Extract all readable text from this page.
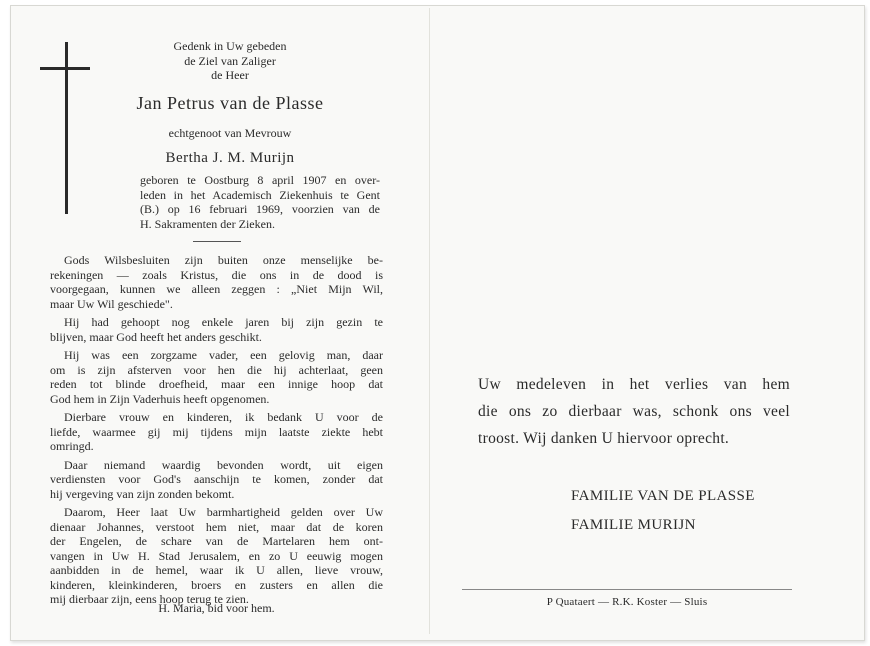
Gedenk in Uw gebeden
de Ziel van Zaliger
de Heer
Jan Petrus van de Plasse
echtgenoot van Mevrouw
Bertha J. M. Murijn
geboren te Oostburg 8 april 1907 en over-
leden in het Academisch Ziekenhuis te Gent
(B.) op 16 februari 1969, voorzien van de
H. Sakramenten der Zieken.
Gods Wilsbesluiten zijn buiten onze menselijke be-
rekeningen — zoals Kristus, die ons in de dood is
voorgegaan, kunnen we alleen zeggen : „Niet Mijn Wil,
maar Uw Wil geschiede".
Hij had gehoopt nog enkele jaren bij zijn gezin te
blijven, maar God heeft het anders geschikt.
Hij was een zorgzame vader, een gelovig man, daar
om is zijn afsterven voor hen die hij achterlaat, geen
reden tot blinde droefheid, maar een innige hoop dat
God hem in Zijn Vaderhuis heeft opgenomen.
Dierbare vrouw en kinderen, ik bedank U voor de
liefde, waarmee gij mij tijdens mijn laatste ziekte hebt
omringd.
Daar niemand waardig bevonden wordt, uit eigen
verdiensten voor God's aanschijn te komen, zonder dat
hij vergeving van zijn zonden bekomt.
Daarom, Heer laat Uw barmhartigheid gelden over Uw
dienaar Johannes, verstoot hem niet, maar dat de koren
der Engelen, de schare van de Martelaren hem ont-
vangen in Uw H. Stad Jerusalem, en zo U eeuwig mogen
aanbidden in de hemel, waar ik U allen, lieve vrouw,
kinderen, kleinkinderen, broers en zusters en allen die
mij dierbaar zijn, eens hoop terug te zien.
H. Maria, bid voor hem.
Uw medeleven in het verlies van hem
die ons zo dierbaar was, schonk ons veel
troost. Wij danken U hiervoor oprecht.
FAMILIE VAN DE PLASSE
FAMILIE MURIJN
P Quataert — R.K. Koster — Sluis
